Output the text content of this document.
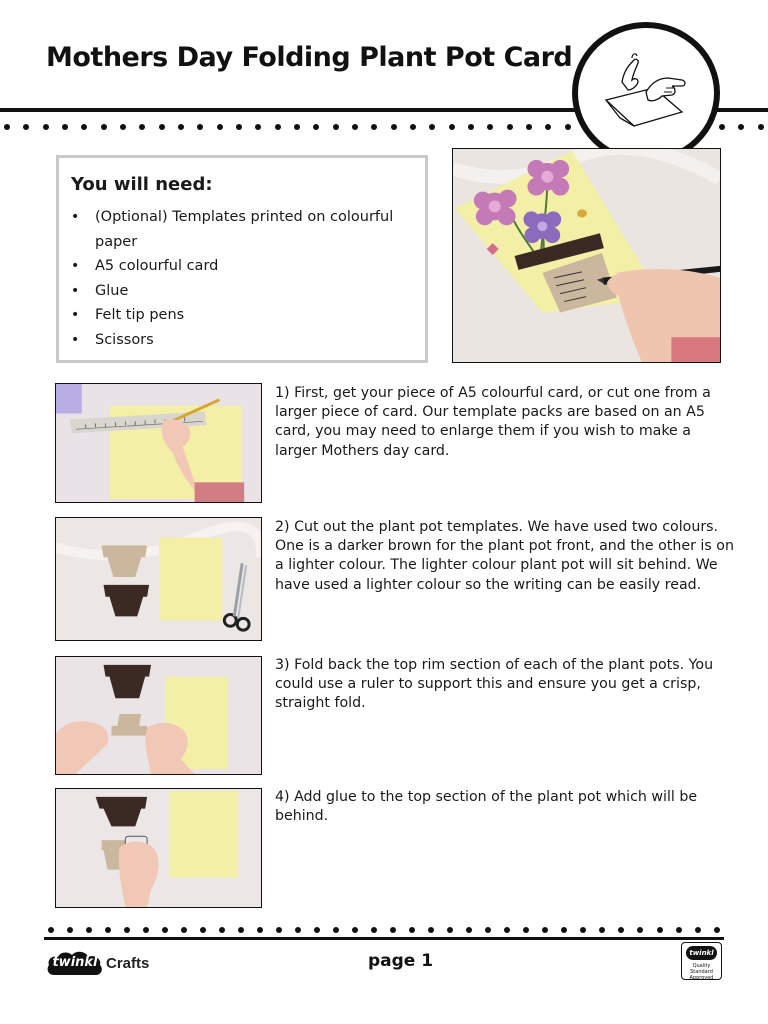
Mothers Day Folding Plant Pot Card
You will need:
• (Optional) Templates printed on colourful paper
• A5 colourful card
• Glue
• Felt tip pens
• Scissors
1) First, get your piece of A5 colourful card, or cut one from a larger piece of card. Our template packs are based on an A5 card, you may need to enlarge them if you wish to make a larger Mothers day card.
2) Cut out the plant pot templates. We have used two colours. One is a darker brown for the plant pot front, and the other is on a lighter colour. The lighter colour plant pot will sit behind. We have used a lighter colour so the writing can be easily read.
3) Fold back the top rim section of each of the plant pots. You could use a ruler to support this and ensure you get a crisp, straight fold.
4) Add glue to the top section of the plant pot which will be behind.
twinkl Crafts	page 1	twinkl
Quality Standard Approved
